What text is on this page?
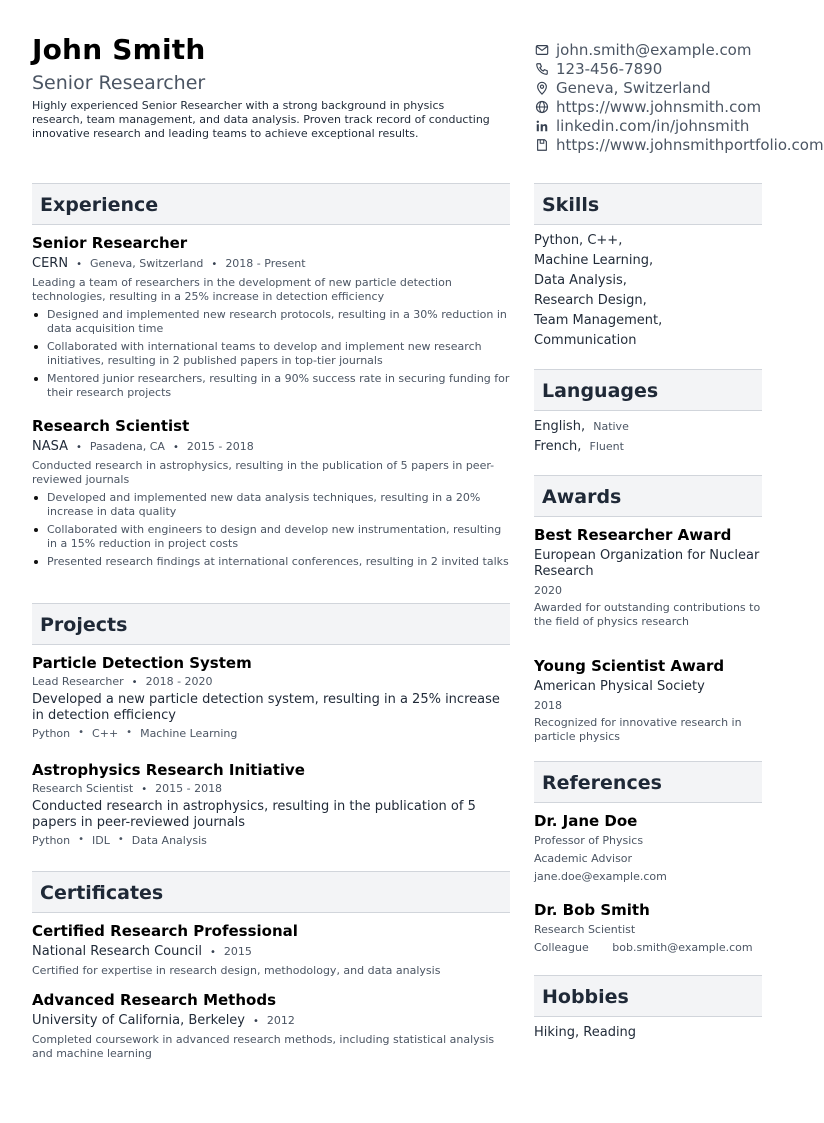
John Smith
Senior Researcher
Highly experienced Senior Researcher with a strong background in physics research, team management, and data analysis. Proven track record of conducting innovative research and leading teams to achieve exceptional results.
john.smith@example.com
123-456-7890
Geneva, Switzerland
https://www.johnsmith.com
linkedin.com/in/johnsmith
https://www.johnsmithportfolio.com
Experience
Senior Researcher
CERN • Geneva, Switzerland • 2018 - Present
Leading a team of researchers in the development of new particle detection technologies, resulting in a 25% increase in detection efficiency
Designed and implemented new research protocols, resulting in a 30% reduction in data acquisition time
Collaborated with international teams to develop and implement new research initiatives, resulting in 2 published papers in top-tier journals
Mentored junior researchers, resulting in a 90% success rate in securing funding for their research projects
Research Scientist
NASA • Pasadena, CA • 2015 - 2018
Conducted research in astrophysics, resulting in the publication of 5 papers in peer-reviewed journals
Developed and implemented new data analysis techniques, resulting in a 20% increase in data quality
Collaborated with engineers to design and develop new instrumentation, resulting in a 15% reduction in project costs
Presented research findings at international conferences, resulting in 2 invited talks
Projects
Particle Detection System
Lead Researcher • 2018 - 2020
Developed a new particle detection system, resulting in a 25% increase in detection efficiency
Python • C++ • Machine Learning
Astrophysics Research Initiative
Research Scientist • 2015 - 2018
Conducted research in astrophysics, resulting in the publication of 5 papers in peer-reviewed journals
Python • IDL • Data Analysis
Certificates
Certified Research Professional
National Research Council • 2015
Certified for expertise in research design, methodology, and data analysis
Advanced Research Methods
University of California, Berkeley • 2012
Completed coursework in advanced research methods, including statistical analysis and machine learning
Skills
Python, C++,
Machine Learning,
Data Analysis,
Research Design,
Team Management,
Communication
Languages
English, Native
French, Fluent
Awards
Best Researcher Award
European Organization for Nuclear Research
2020
Awarded for outstanding contributions to the field of physics research
Young Scientist Award
American Physical Society
2018
Recognized for innovative research in particle physics
References
Dr. Jane Doe
Professor of Physics
Academic Advisor
jane.doe@example.com
Dr. Bob Smith
Research Scientist
Colleague bob.smith@example.com
Hobbies
Hiking, Reading
